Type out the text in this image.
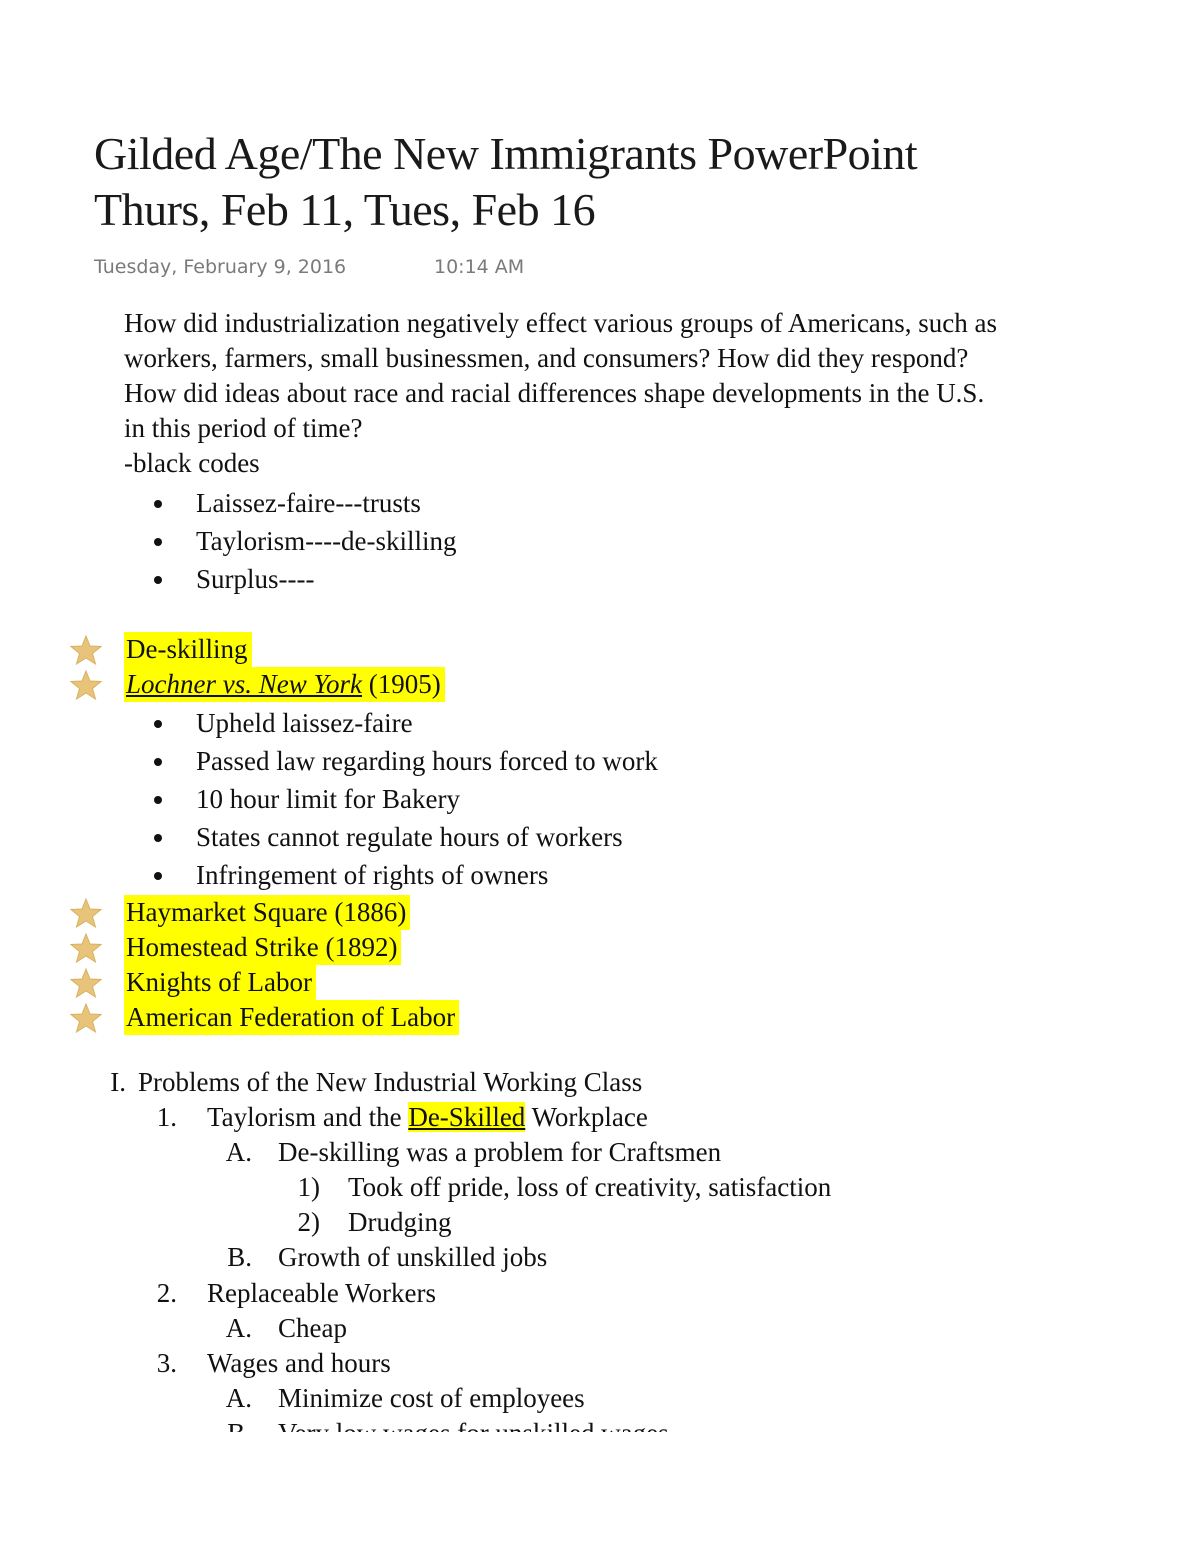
Gilded Age/The New Immigrants PowerPoint
Thurs, Feb 11, Tues, Feb 16
Tuesday, February 9, 2016	10:14 AM

How did industrialization negatively effect various groups of Americans, such as

workers, farmers, small businessmen, and consumers? How did they respond?

How did ideas about race and racial differences shape developments in the U.S.

in this period of time?

-black codes

Laissez-faire---trusts
Taylorism----de-skilling
Surplus----
De-skilling
Lochner vs. New York (1905)
Upheld laissez-faire
Passed law regarding hours forced to work
10 hour limit for Bakery
States cannot regulate hours of workers
Infringement of rights of owners
Haymarket Square (1886)
Homestead Strike (1892)
Knights of Labor
American Federation of Labor
I. Problems of the New Industrial Working Class
1. Taylorism and the De-Skilled Workplace
A. De-skilling was a problem for Craftsmen
1) Took off pride, loss of creativity, satisfaction
2) Drudging
B. Growth of unskilled jobs
2. Replaceable Workers
A. Cheap
3. Wages and hours
A. Minimize cost of employees
